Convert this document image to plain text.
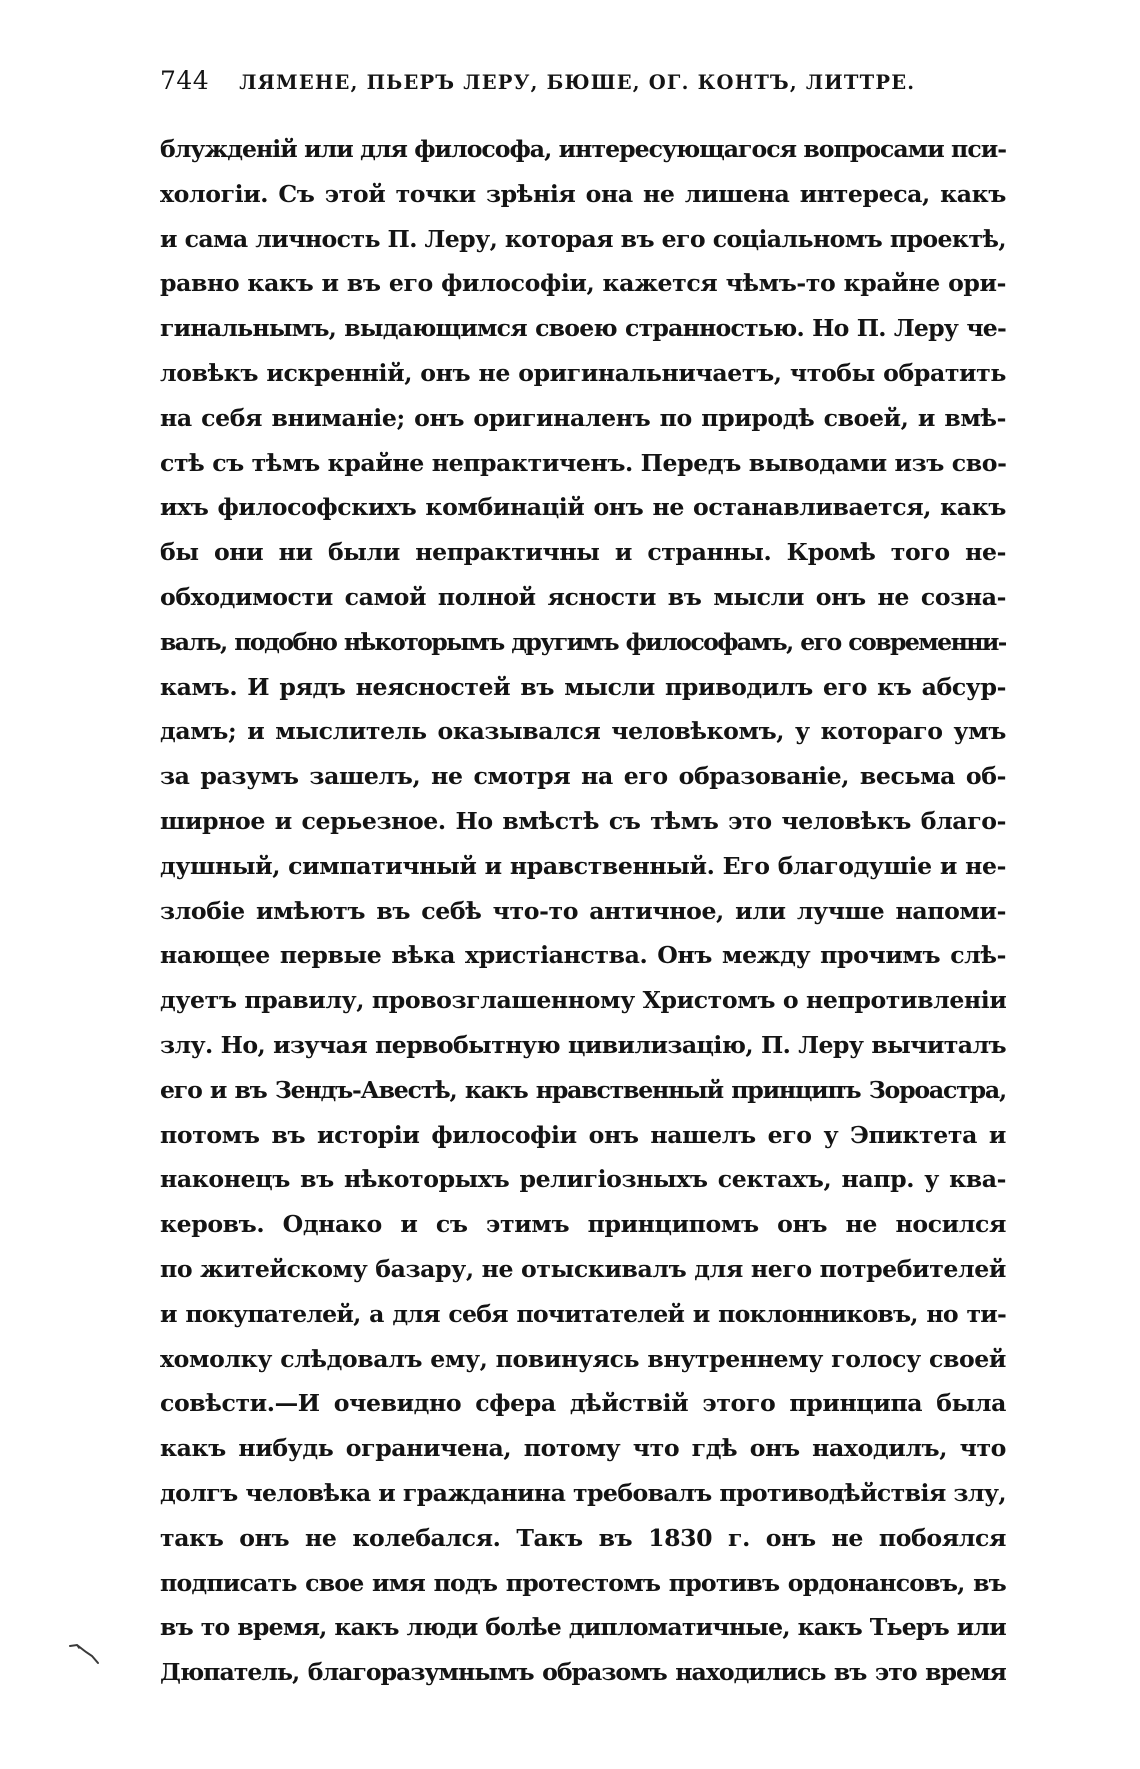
744 ЛЯМЕНЕ, ПЬЕРЪ ЛЕРУ, БЮШЕ, ОГ. КОНТЪ, ЛИТТРЕ.
блужденій или для философа, интересующагося вопросами пси-
хологіи. Съ этой точки зрѣнія она не лишена интереса, какъ
и сама личность П. Леру, которая въ его соціальномъ проектѣ,
равно какъ и въ его философіи, кажется чѣмъ-то крайне ори-
гинальнымъ, выдающимся своею странностью. Но П. Леру че-
ловѣкъ искренній, онъ не оригинальничаетъ, чтобы обратить
на себя вниманіе; онъ оригиналенъ по природѣ своей, и вмѣ-
стѣ съ тѣмъ крайне непрактиченъ. Передъ выводами изъ сво-
ихъ философскихъ комбинацій онъ не останавливается, какъ
бы они ни были непрактичны и странны. Кромѣ того не-
обходимости самой полной ясности въ мысли онъ не сознa-
валъ, подобно нѣкоторымъ другимъ философамъ, его современни-
камъ. И рядъ неясностей въ мысли приводилъ его къ абсур-
дамъ; и мыслитель оказывался человѣкомъ, у котораго умъ
за разумъ зашелъ, не смотря на его образованіе, весьма об-
ширное и серьезное. Но вмѣстѣ съ тѣмъ это человѣкъ благо-
душный, симпатичный и нравственный. Его благодушіе и не-
злобіе имѣютъ въ себѣ что-то античное, или лучше напоми-
нающее первые вѣка христіанства. Онъ между прочимъ слѣ-
дуетъ правилу, провозглашенному Христомъ о непротивленіи
злу. Но, изучая первобытную цивилизацію, П. Леру вычиталъ
его и въ Зендъ-Авестѣ, какъ нравственный принципъ Зороастра,
потомъ въ исторіи философіи онъ нашелъ его у Эпиктета и
наконецъ въ нѣкоторыхъ религіозныхъ сектахъ, напр. у ква-
керовъ. Однако и съ этимъ принципомъ онъ не носился
по житейскому базару, не отыскивалъ для него потребителей
и покупателей, а для себя почитателей и поклонниковъ, но ти-
хомолку слѣдовалъ ему, повинуясь внутреннему голосу своей
совѣсти.—И очевидно сфера дѣйствій этого принципа была
какъ нибудь ограничена, потому что гдѣ онъ находилъ, что
долгъ человѣка и гражданина требовалъ противодѣйствія злу,
такъ онъ не колебался. Такъ въ 1830 г. онъ не побоялся
подписать свое имя подъ протестомъ противъ ордонансовъ, въ
въ то время, какъ люди болѣе дипломатичные, какъ Тьеръ или
Дюпатель, благоразумнымъ образомъ находились въ это время
